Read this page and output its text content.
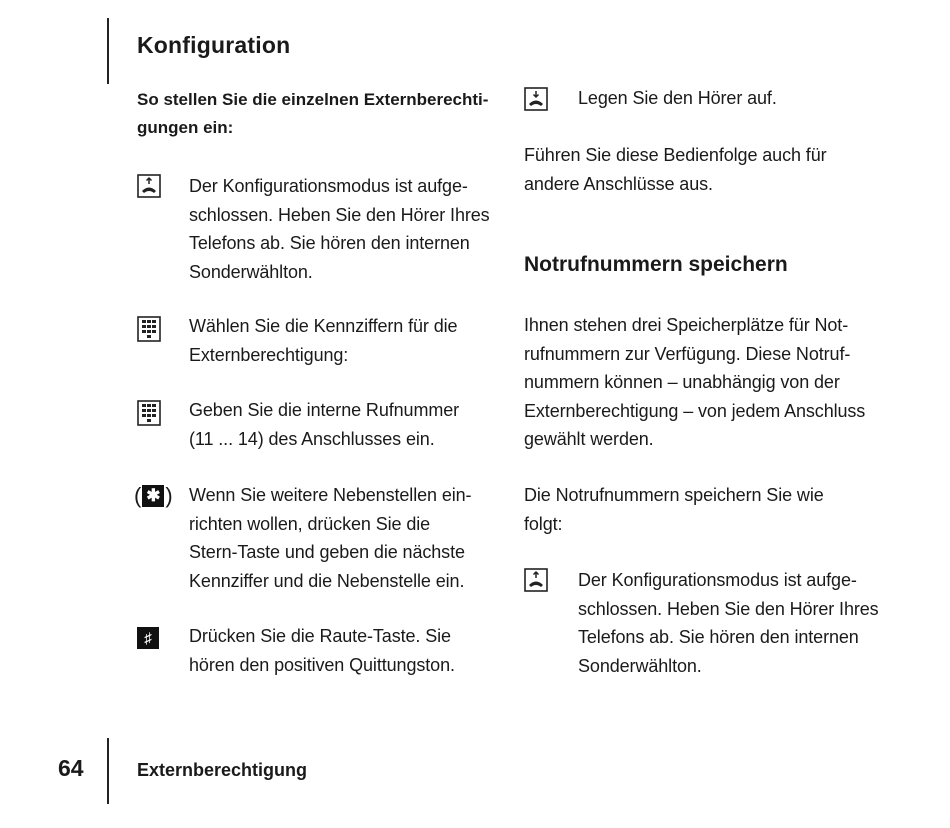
Konfiguration
So stellen Sie die einzelnen Externberechti-
gungen ein:
Der Konfigurationsmodus ist aufge-
schlossen. Heben Sie den Hörer Ihres
Telefons ab. Sie hören den internen
Sonderwählton.
Wählen Sie die Kennziffern für die
Externberechtigung:
Geben Sie die interne Rufnummer
(11 ... 14) des Anschlusses ein.
( ✱ ) Wenn Sie weitere Nebenstellen ein-
richten wollen, drücken Sie die
Stern-Taste und geben die nächste
Kennziffer und die Nebenstelle ein.
♯ Drücken Sie die Raute-Taste. Sie
hören den positiven Quittungston.
Legen Sie den Hörer auf.
Führen Sie diese Bedienfolge auch für
andere Anschlüsse aus.
Notrufnummern speichern
Ihnen stehen drei Speicherplätze für Not-
rufnummern zur Verfügung. Diese Notruf-
nummern können – unabhängig von der
Externberechtigung – von jedem Anschluss
gewählt werden.
Die Notrufnummern speichern Sie wie
folgt:
Der Konfigurationsmodus ist aufge-
schlossen. Heben Sie den Hörer Ihres
Telefons ab. Sie hören den internen
Sonderwählton.
64	Externberechtigung
